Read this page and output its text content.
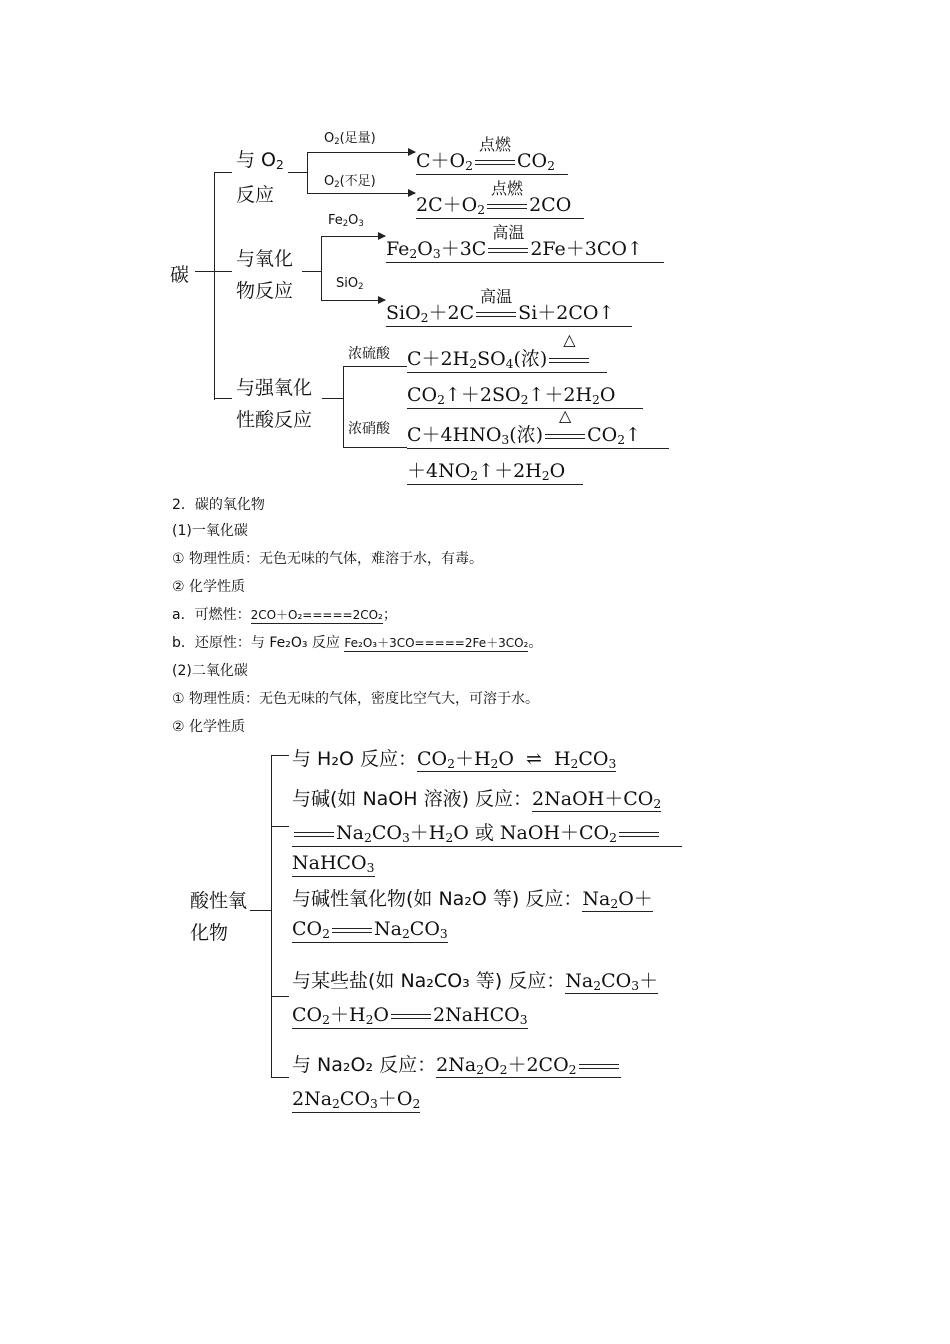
碳
与 $O_2$
反应
$O_2$(足量)
$O_2$(不足)
$C+O_2$
点燃
$CO_2$
$2C+O_2$
点燃
2CO
与氧化
物反应
$Fe_2O_3$
SiO$_2$
$Fe_2O_3+3C$
高温
2Fe＋3CO ↑
SiO$_2$＋2C
高温
Si＋2CO ↑
与强氧化
性酸反应
浓硫酸
浓硝酸
$C+2H_2SO_4$(浓)
△
$CO_2$ ↑ $+2SO_2$ ↑ $+2H_2O$
$C+4HNO_3$(浓)
△
$CO_2$ ↑
$+4NO_2$ ↑ $+2H_2O$
2．碳的氧化物
(1)一氧化碳
① 物理性质：无色无味的气体，难溶于水，有毒。
② 化学性质
a．可燃性：2CO＋O₂=====2CO₂；
b．还原性：与 Fe₂O₃ 反应 Fe₂O₃＋3CO=====2Fe＋3CO₂。
(2)二氧化碳
① 物理性质：无色无味的气体，密度比空气大，可溶于水。
② 化学性质
酸性氧
化物
与 H₂O 反应：$CO_2+H_2O$ ⇌ $H_2CO_3$
与碱(如 NaOH 溶液) 反应：$2NaOH+CO_2$
$Na_2CO_3+H_2O$ 或 $NaOH+CO_2$
NaHCO$_3$
与碱性氧化物(如 Na₂O 等) 反应：$Na_2O+$
$CO_2$ $Na_2CO_3$
与某些盐(如 Na₂CO₃ 等) 反应：$Na_2CO_3+$
$CO_2+H_2O$ 2NaHCO$_3$
与 Na₂O₂ 反应：$2Na_2O_2+2CO_2$
$2Na_2CO_3+O_2$
